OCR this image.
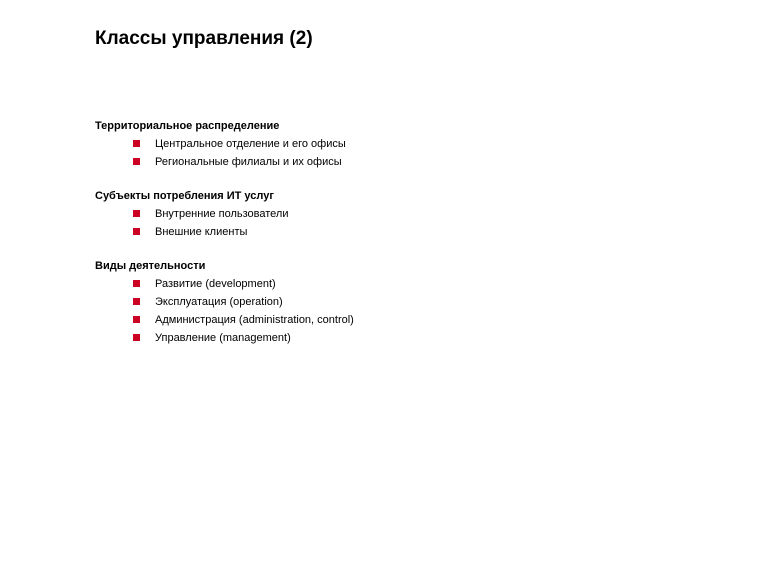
Классы управления (2)
Территориальное распределение
Центральное отделение и его офисы
Региональные филиалы и их офисы
Субъекты потребления ИТ услуг
Внутренние пользователи
Внешние клиенты
Виды деятельности
Развитие (development)
Эксплуатация (operation)
Администрация (administration, control)
Управление (management)
